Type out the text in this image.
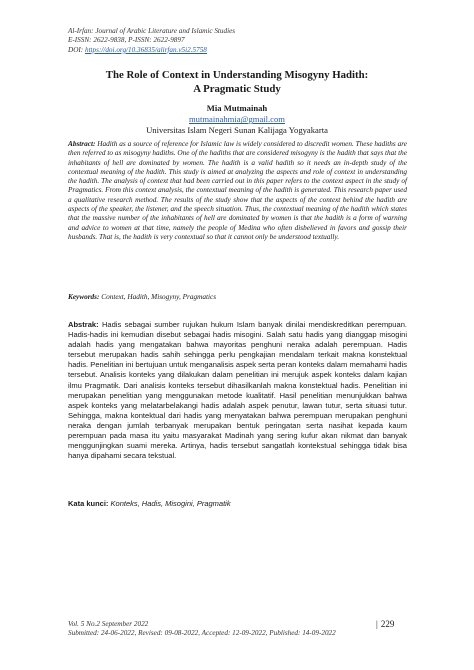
Al-Irfan: Journal of Arabic Literature and Islamic Studies
E-ISSN: 2622-9838, P-ISSN: 2622-9897
DOI: https://doi.org/10.36835/alirfan.v5i2.5758
The Role of Context in Understanding Misogyny Hadith:
A Pragmatic Study
Mia Mutmainah
mutmainahmia@gmail.com
Universitas Islam Negeri Sunan Kalijaga Yogyakarta
Abstract: Hadith as a source of reference for Islamic law is widely considered to discredit women. These hadiths are then referred to as misogyny hadiths. One of the hadiths that are considered misogyny is the hadith that says that the inhabitants of hell are dominated by women. The hadith is a valid hadith so it needs an in-depth study of the contextual meaning of the hadith. This study is aimed at analyzing the aspects and role of context in understanding the hadith. The analysis of context that had been carried out in this paper refers to the context aspect in the study of Pragmatics. From this context analysis, the contextual meaning of the hadith is generated. This research paper used a qualitative research method. The results of the study show that the aspects of the context behind the hadith are aspects of the speaker, the listener, and the speech situation. Thus, the contextual meaning of the hadith which states that the massive number of the inhabitants of hell are dominated by women is that the hadith is a form of warning and advice to women at that time, namely the people of Medina who often disbelieved in favors and gossip their husbands. That is, the hadith is very contextual so that it cannot only be understood textually.
Keywords: Context, Hadith, Misogyny, Pragmatics
Abstrak: Hadis sebagai sumber rujukan hukum Islam banyak dinilai mendiskreditkan perempuan. Hadis-hadis ini kemudian disebut sebagai hadis misogini. Salah satu hadis yang dianggap misogini adalah hadis yang mengatakan bahwa mayoritas penghuni neraka adalah perempuan. Hadis tersebut merupakan hadis sahih sehingga perlu pengkajian mendalam terkait makna konstektual hadis. Penelitian ini bertujuan untuk menganalisis aspek serta peran konteks dalam memahami hadis tersebut. Analisis konteks yang dilakukan dalam penelitian ini merujuk aspek konteks dalam kajian ilmu Pragmatik. Dari analisis konteks tersebut dihasilkanlah makna konstektual hadis. Penelitian ini merupakan penelitian yang menggunakan metode kualitatif. Hasil penelitian menunjukkan bahwa aspek konteks yang melatarbelakangi hadis adalah aspek penutur, lawan tutur, serta situasi tutur. Sehingga, makna kontektual dari hadis yang menyatakan bahwa perempuan merupakan penghuni neraka dengan jumlah terbanyak merupakan bentuk peringatan serta nasihat kepada kaum perempuan pada masa itu yaitu masyarakat Madinah yang sering kufur akan nikmat dan banyak menggunjingkan suami mereka. Artinya, hadis tersebut sangatlah kontekstual sehingga tidak bisa hanya dipahami secara tekstual.
Kata kunci: Konteks, Hadis, Misogini, Pragmatik
Vol. 5 No.2 September 2022
Submitted: 24-06-2022, Revised: 09-08-2022, Accepted: 12-09-2022, Published: 14-09-2022
| 229
